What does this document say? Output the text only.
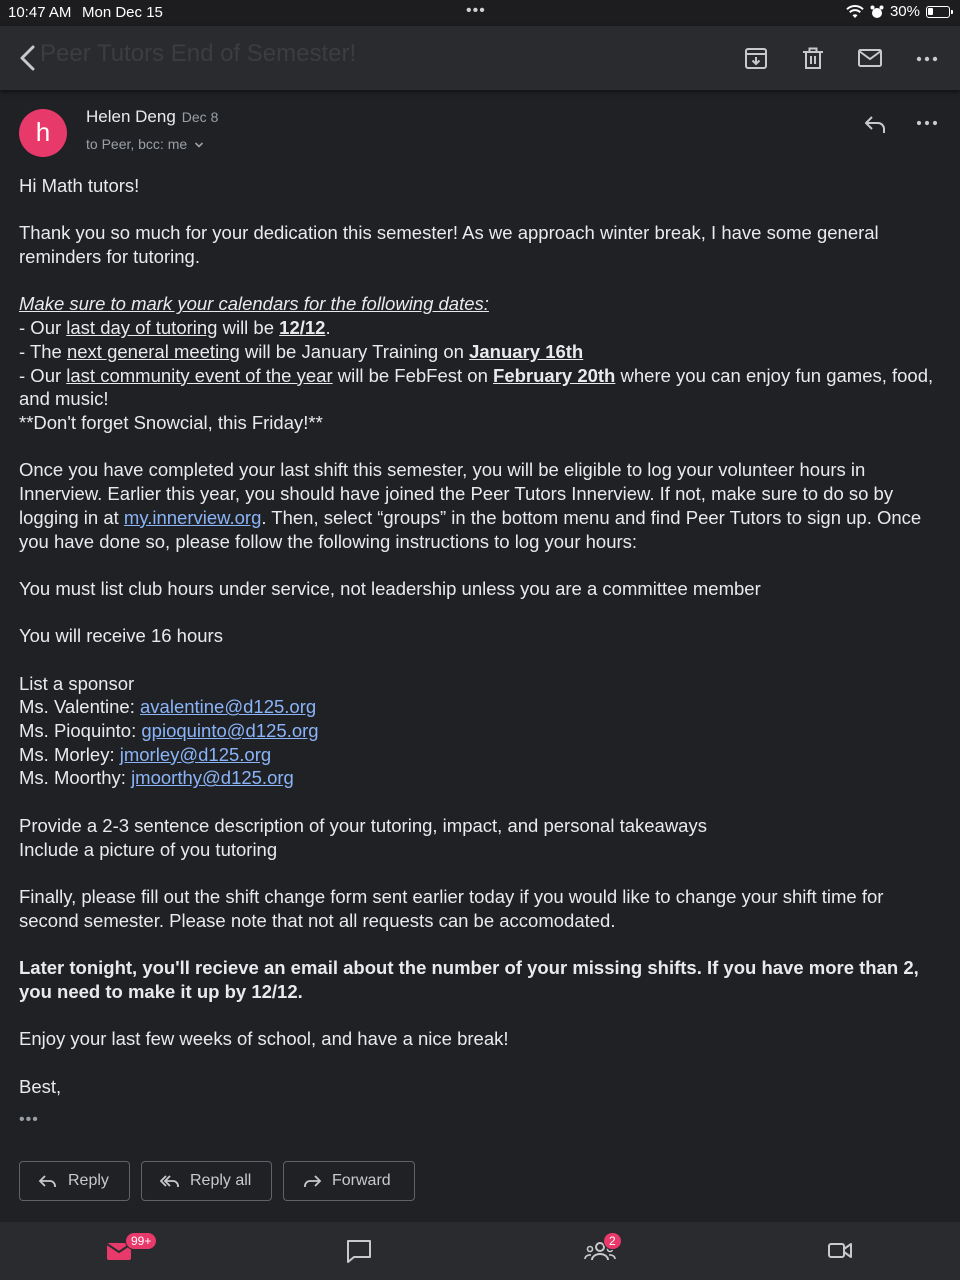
10:47 AM Mon Dec 15	•••	30%
Peer Tutors End of Semester!
h
Helen Deng Dec 8
to Peer, bcc: me

Hi Math tutors!

Thank you so much for your dedication this semester! As we approach winter break, I have some general reminders for tutoring.

Make sure to mark your calendars for the following dates:
- Our last day of tutoring will be 12/12.
- The next general meeting will be January Training on January 16th
- Our last community event of the year will be FebFest on February 20th where you can enjoy fun games, food, and music!
**Don't forget Snowcial, this Friday!**

Once you have completed your last shift this semester, you will be eligible to log your volunteer hours in Innerview. Earlier this year, you should have joined the Peer Tutors Innerview. If not, make sure to do so by logging in at my.innerview.org. Then, select “groups” in the bottom menu and find Peer Tutors to sign up. Once you have done so, please follow the following instructions to log your hours:

You must list club hours under service, not leadership unless you are a committee member

You will receive 16 hours

List a sponsor
Ms. Valentine: avalentine@d125.org
Ms. Pioquinto: gpioquinto@d125.org
Ms. Morley: jmorley@d125.org
Ms. Moorthy: jmoorthy@d125.org

Provide a 2-3 sentence description of your tutoring, impact, and personal takeaways
Include a picture of you tutoring

Finally, please fill out the shift change form sent earlier today if you would like to change your shift time for second semester. Please note that not all requests can be accomodated.

Later tonight, you'll recieve an email about the number of your missing shifts. If you have more than 2, you need to make it up by 12/12.

Enjoy your last few weeks of school, and have a nice break!

Best,

•••
Reply	Reply all	Forward
99+	2
